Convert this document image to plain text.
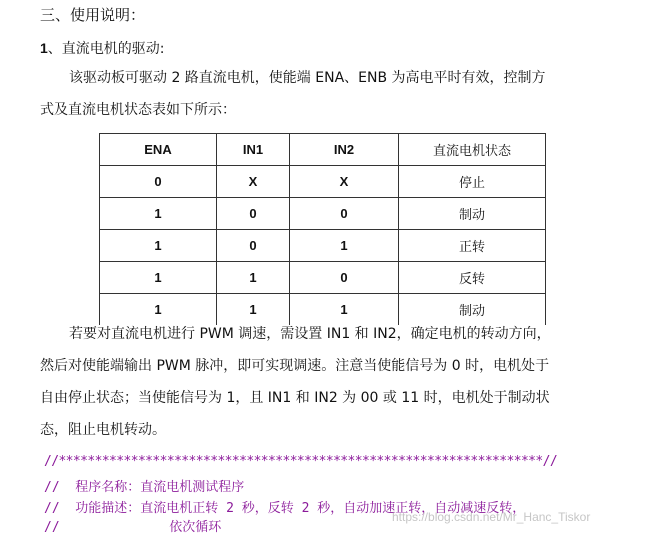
三、使用说明：
1、直流电机的驱动:
该驱动板可驱动 2 路直流电机，使能端 ENA、ENB 为高电平时有效，控制方
式及直流电机状态表如下所示：
ENA	IN1	IN2	直流电机状态
0	X	X	停止
1	0	0	制动
1	0	1	正转
1	1	0	反转
1	1	1	制动
若要对直流电机进行 PWM 调速，需设置 IN1 和 IN2，确定电机的转动方向，
然后对使能端输出 PWM 脉冲，即可实现调速。注意当使能信号为 0 时，电机处于
自由停止状态；当使能信号为 1，且 IN1 和 IN2 为 00 或 11 时，电机处于制动状
态，阻止电机转动。
//*******************************************************************//
//  程序名称：直流电机测试程序
//  功能描述：直流电机正转 2 秒，反转 2 秒，自动加速正转，自动减速反转，
//              依次循环
https://blog.csdn.net/Mr_Hanc_Tiskor
